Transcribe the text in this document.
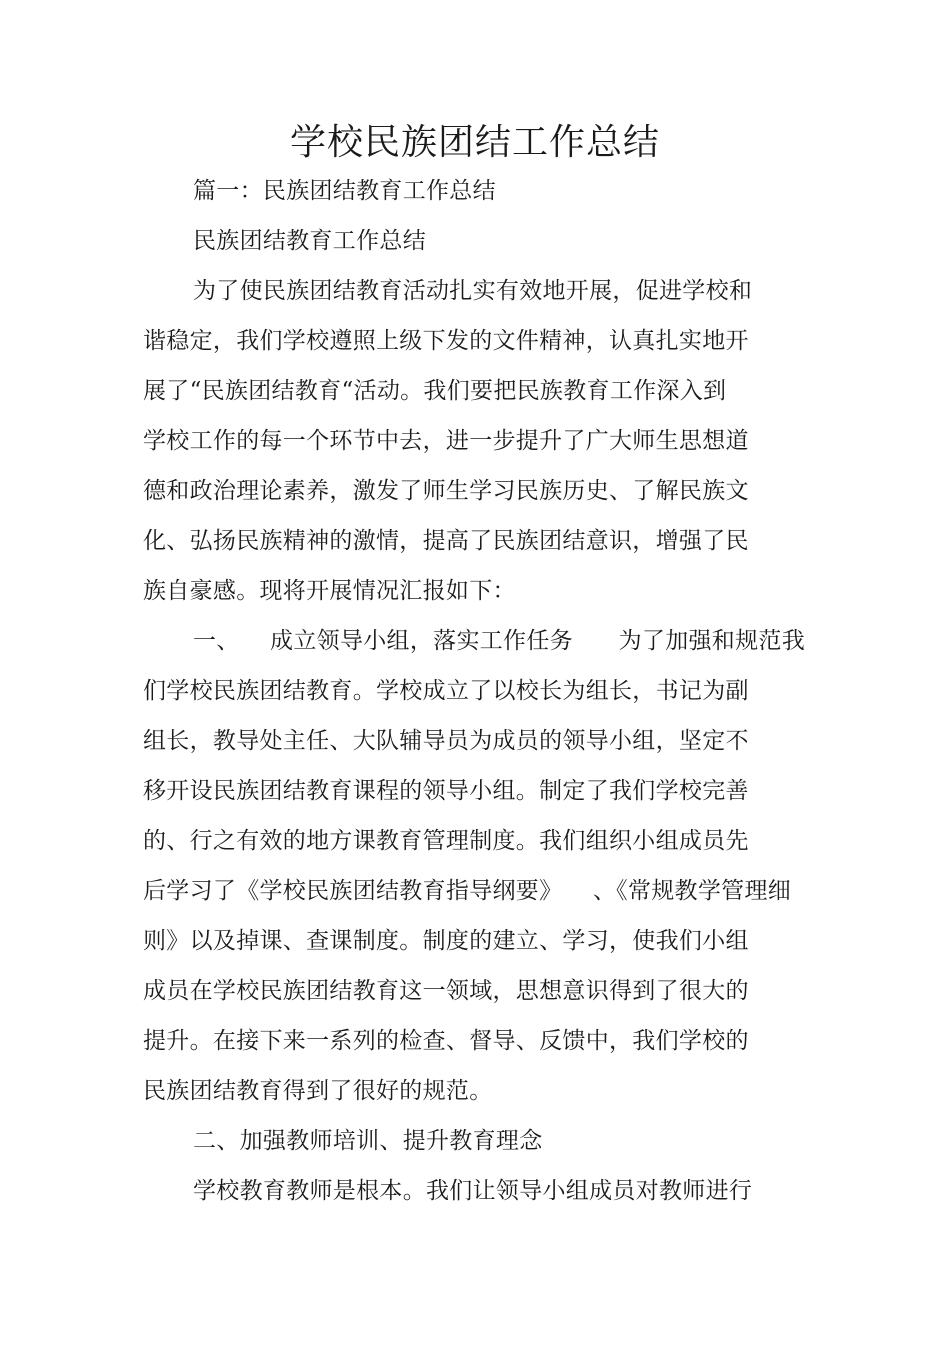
学校民族团结工作总结
篇一：民族团结教育工作总结
民族团结教育工作总结
为了使民族团结教育活动扎实有效地开展，促进学校和
谐稳定，我们学校遵照上级下发的文件精神，认真扎实地开
展了“民族团结教育“活动。我们要把民族教育工作深入到
学校工作的每一个环节中去，进一步提升了广大师生思想道
德和政治理论素养，激发了师生学习民族历史、了解民族文
化、弘扬民族精神的激情，提高了民族团结意识，增强了民
族自豪感。现将开展情况汇报如下：
一、    成立领导小组，落实工作任务      为了加强和规范我
们学校民族团结教育。学校成立了以校长为组长，书记为副
组长，教导处主任、大队辅导员为成员的领导小组，坚定不
移开设民族团结教育课程的领导小组。制定了我们学校完善
的、行之有效的地方课教育管理制度。我们组织小组成员先
后学习了《学校民族团结教育指导纲要》    、《常规教学管理细
则》以及掉课、查课制度。制度的建立、学习，使我们小组
成员在学校民族团结教育这一领域，思想意识得到了很大的
提升。在接下来一系列的检查、督导、反馈中，我们学校的
民族团结教育得到了很好的规范。
二、加强教师培训、提升教育理念
学校教育教师是根本。我们让领导小组成员对教师进行
